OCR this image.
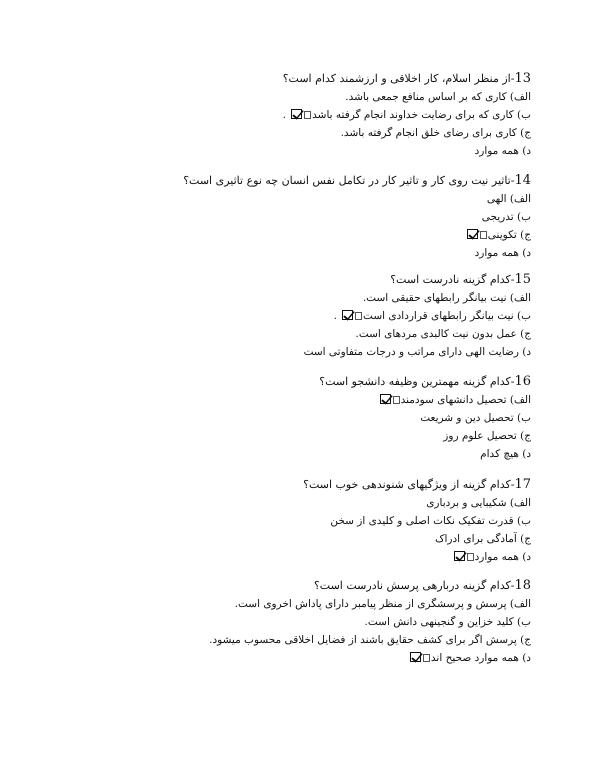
13-از منظر اسلام، کار اخلاقی و ارزشمند کدام است؟
الف) کاری که بر اساس منافع جمعی باشد.
ب) کاری که برای رضایت خداوند انجام گرفته باشد.
ج) کاری برای رضای خلق انجام گرفته باشد.
د) همه موارد
14-تاثیر نیت روی کار و تاثیر کار در تکامل نفس انسان چه نوع تاثیری است؟
الف) الهی
ب) تدریجی
ج) تکوینی
د) همه موارد
15-کدام گزینه نادرست است؟
الف) نیت بیانگر رابطهای حقیقی است.
ب) نیت بیانگر رابطهای قراردادی است.
ج) عمل بدون نیت کالبدی مردهای است.
د) رضایت الهی دارای مراتب و درجات متفاوتی است
16-کدام گزینه مهمترین وظیفه دانشجو است؟
الف) تحصیل دانشهای سودمند
ب) تحصیل دین و شریعت
ج) تحصیل علوم روز
د) هیچ کدام
17-کدام گزینه از ویژگیهای شنوندهی خوب است؟
الف) شکیبایی و بردباری
ب) قدرت تفکیک نکات اصلی و کلیدی از سخن
ج) آمادگی برای ادراک
د) همه موارد
18-کدام گزینه دربارهی پرسش نادرست است؟
الف) پرسش و پرسشگری از منظر پیامبر دارای پاداش اخروی است.
ب) کلید خزاین و گنجینهی دانش است.
ج) پرسش اگر برای کشف حقایق باشند از فضایل اخلاقی محسوب میشود.
د) همه موارد صحیح اند
